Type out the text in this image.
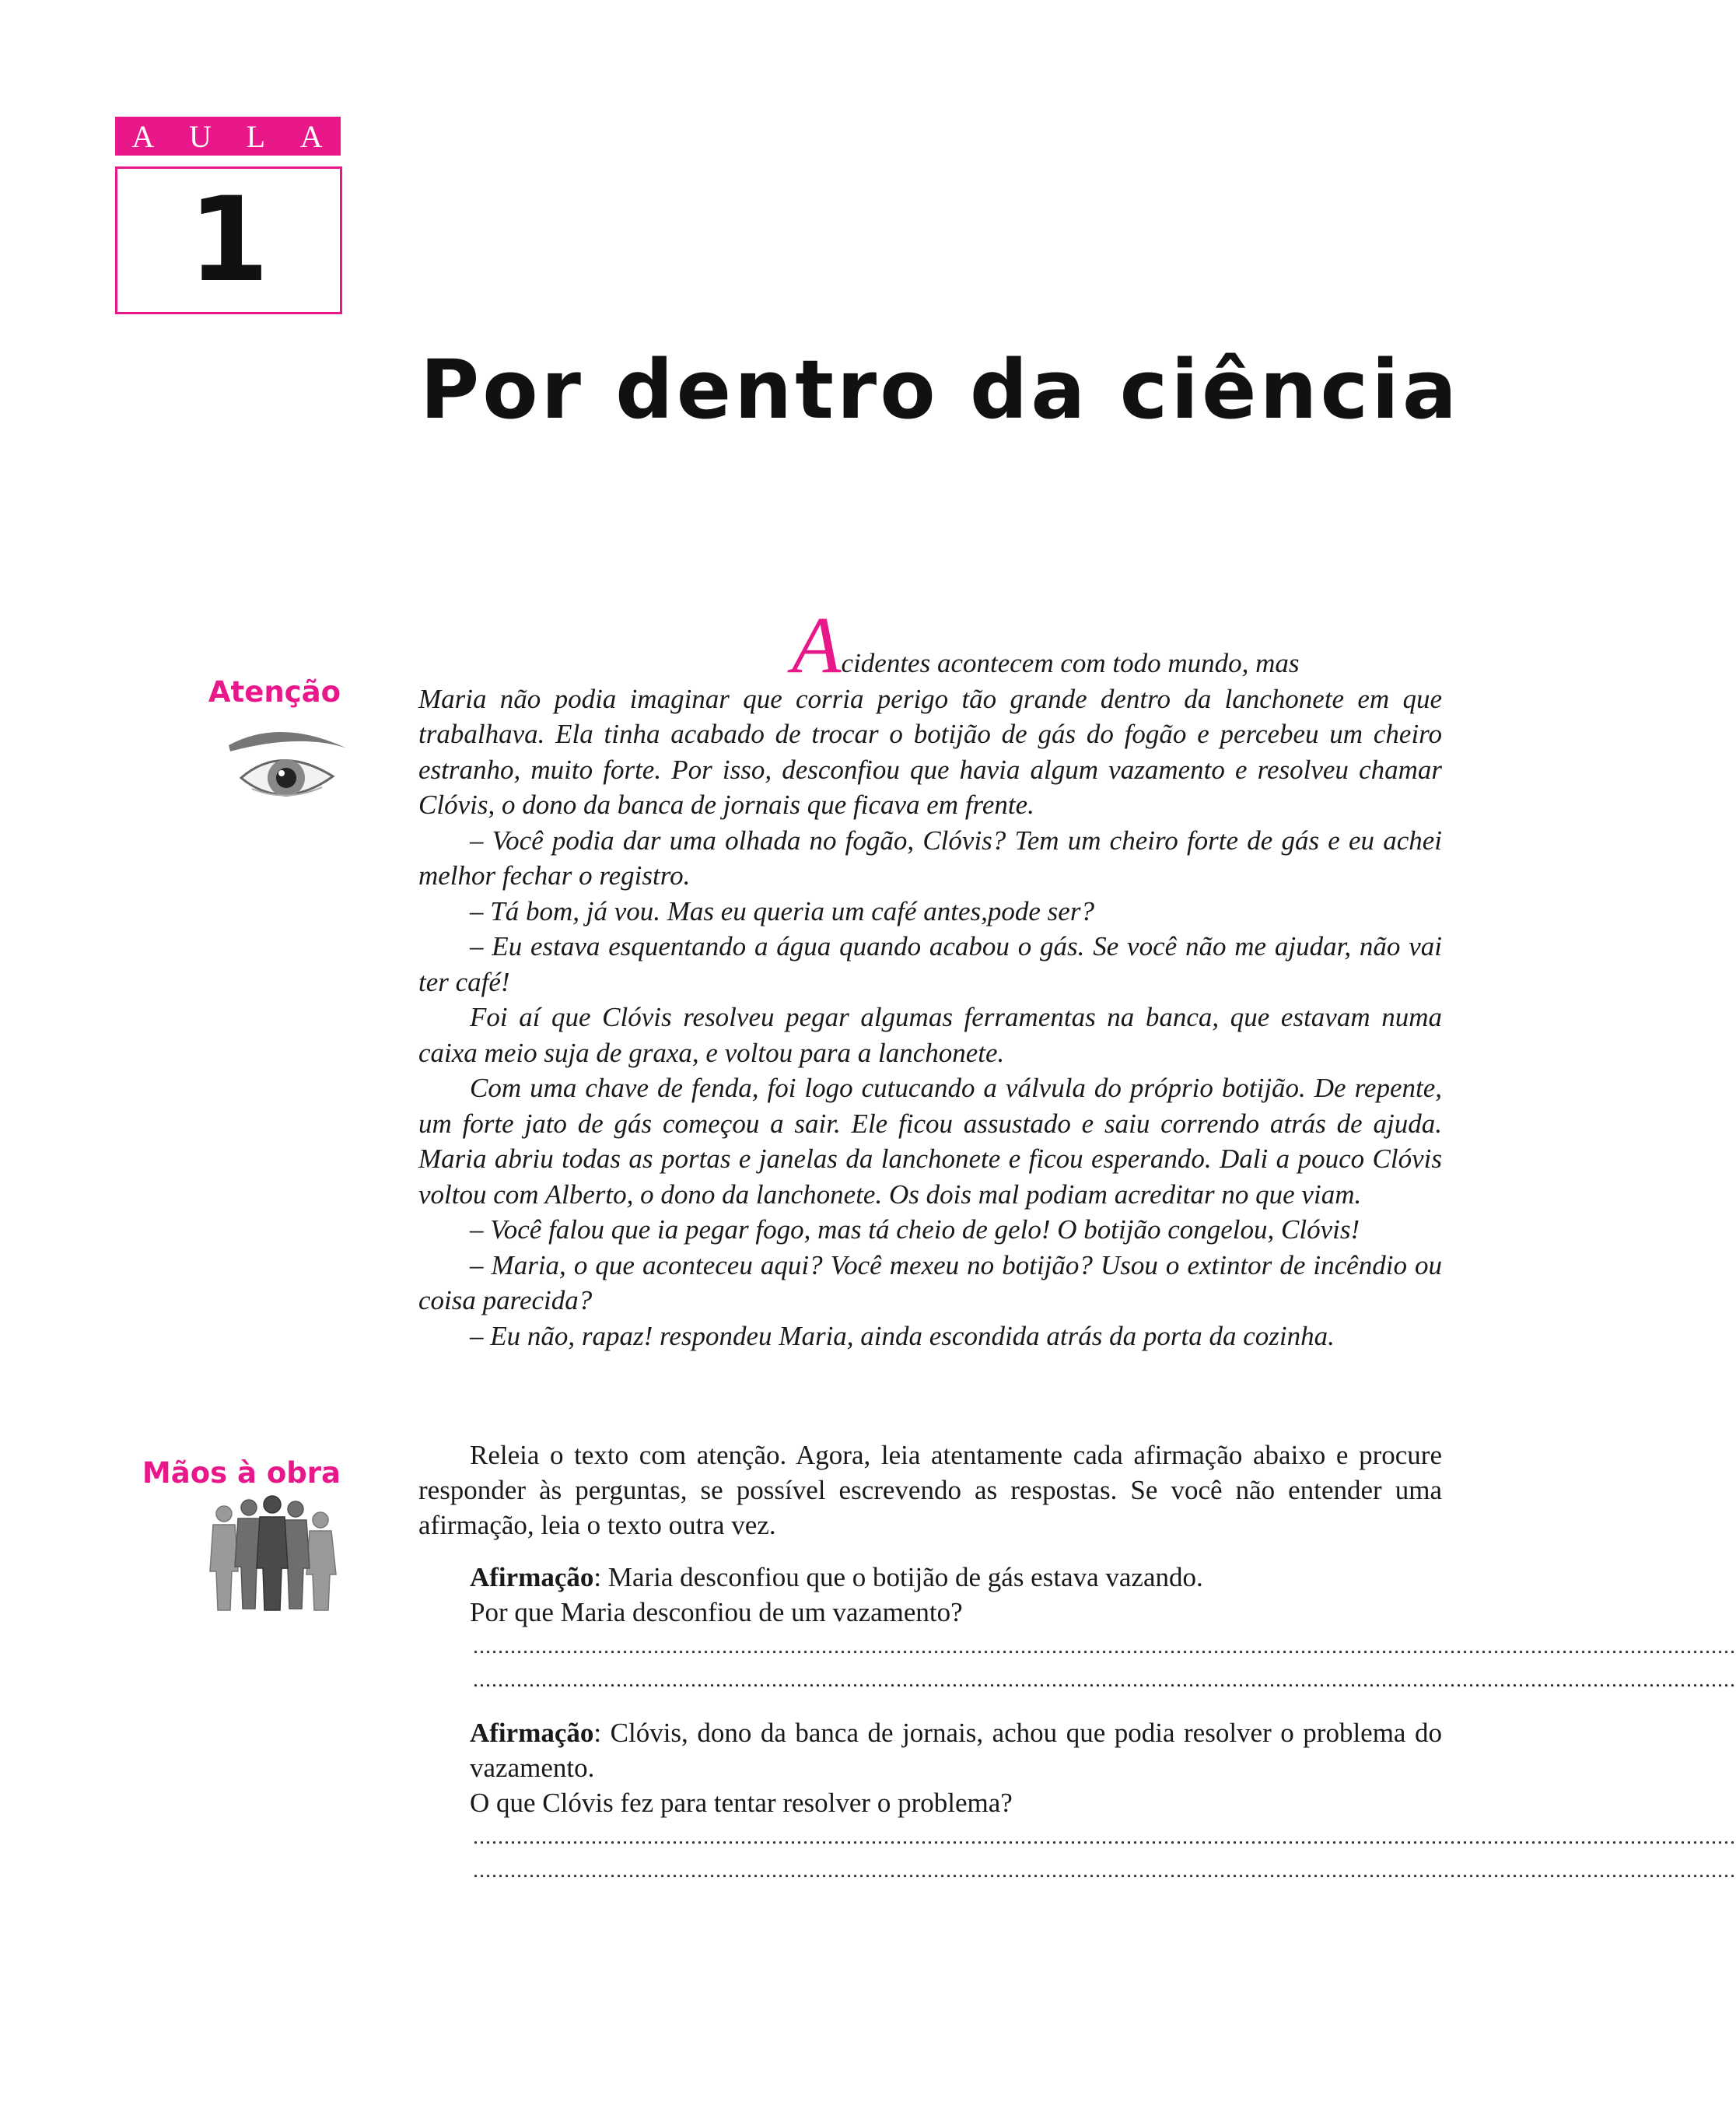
A U L A
1
Por dentro da ciência
Atenção

Acidentes acontecem com todo mundo, mas
Maria não podia imaginar que corria perigo tão grande dentro da lanchonete em que trabalhava. Ela tinha acabado de trocar o botijão de gás do fogão e percebeu um cheiro estranho, muito forte. Por isso, desconfiou que havia algum vazamento e resolveu chamar Clóvis, o dono da banca de jornais que ficava em frente.

– Você podia dar uma olhada no fogão, Clóvis? Tem um cheiro forte de gás e eu achei melhor fechar o registro.

– Tá bom, já vou. Mas eu queria um café antes,pode ser?

– Eu estava esquentando a água quando acabou o gás. Se você não me ajudar, não vai ter café!

Foi aí que Clóvis resolveu pegar algumas ferramentas na banca, que estavam numa caixa meio suja de graxa, e voltou para a lanchonete.

Com uma chave de fenda, foi logo cutucando a válvula do próprio botijão. De repente, um forte jato de gás começou a sair. Ele ficou assustado e saiu correndo atrás de ajuda. Maria abriu todas as portas e janelas da lanchonete e ficou esperando. Dali a pouco Clóvis voltou com Alberto, o dono da lanchonete. Os dois mal podiam acreditar no que viam.

– Você falou que ia pegar fogo, mas tá cheio de gelo! O botijão congelou, Clóvis!

– Maria, o que aconteceu aqui? Você mexeu no botijão? Usou o extintor de incêndio ou coisa parecida?

– Eu não, rapaz! respondeu Maria, ainda escondida atrás da porta da cozinha.

Mãos à obra

Releia o texto com atenção. Agora, leia atentamente cada afirmação abaixo e procure responder às perguntas, se possível escrevendo as respostas. Se você não entender uma afirmação, leia o texto outra vez.

Afirmação: Maria desconfiou que o botijão de gás estava vazando.

Por que Maria desconfiou de um vazamento?

...........................................................................................................................................................................................................
...........................................................................................................................................................................................................

Afirmação: Clóvis, dono da banca de jornais, achou que podia resolver o problema do vazamento.

O que Clóvis fez para tentar resolver o problema?

...........................................................................................................................................................................................................
...........................................................................................................................................................................................................
